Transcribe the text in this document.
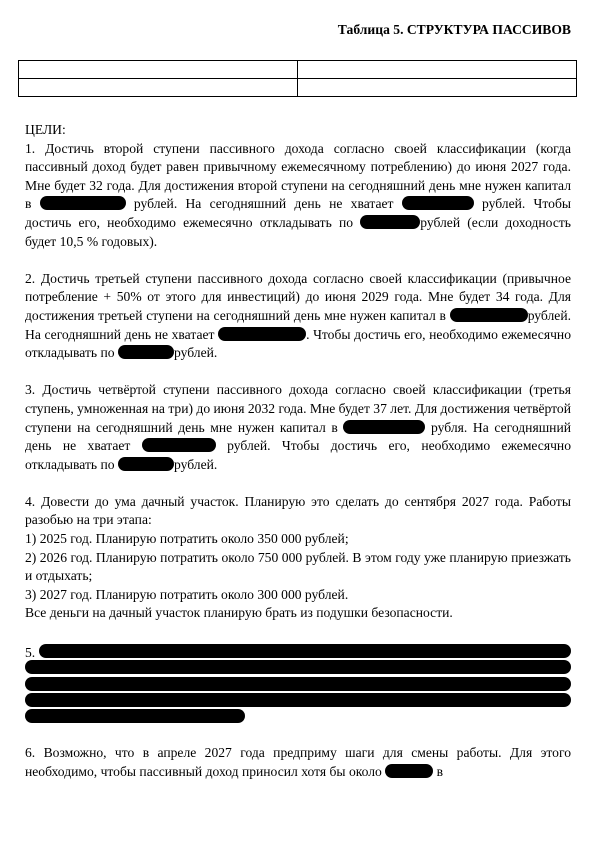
Таблица 5. СТРУКТУРА ПАССИВОВ

ЦЕЛИ:

1. Достичь второй ступени пассивного дохода согласно своей классификации (когда пассивный доход будет равен привычному ежемесячному потреблению) до июня 2027 года. Мне будет 32 года. Для достижения второй ступени на сегодняшний день мне нужен капитал в	рублей. На сегодняшний день не хватает	рублей. Чтобы достичь его, необходимо ежемесячно откладывать по	рублей (если доходность будет 10,5 % годовых).

2. Достичь третьей ступени пассивного дохода согласно своей классификации (привычное потребление + 50% от этого для инвестиций) до июня 2029 года. Мне будет 34 года. Для достижения третьей ступени на сегодняшний день мне нужен капитал в	рублей. На сегодняшний день не хватает	. Чтобы достичь его, необходимо ежемесячно откладывать по	рублей.

3. Достичь четвёртой ступени пассивного дохода согласно своей классификации (третья ступень, умноженная на три) до июня 2032 года. Мне будет 37 лет. Для достижения четвёртой ступени на сегодняшний день мне нужен капитал в	рубля. На сегодняшний день не хватает	рублей. Чтобы достичь его, необходимо ежемесячно откладывать по	рублей.

4. Довести до ума дачный участок. Планирую это сделать до сентября 2027 года. Работы разобью на три этапа:

1) 2025 год. Планирую потратить около 350 000 рублей;

2) 2026 год. Планирую потратить около 750 000 рублей. В этом году уже планирую приезжать и отдыхать;

3) 2027 год. Планирую потратить около 300 000 рублей.

Все деньги на дачный участок планирую брать из подушки безопасности.

5.

6. Возможно, что в апреле 2027 года предприму шаги для смены работы. Для этого необходимо, чтобы пассивный доход приносил хотя бы около	в
